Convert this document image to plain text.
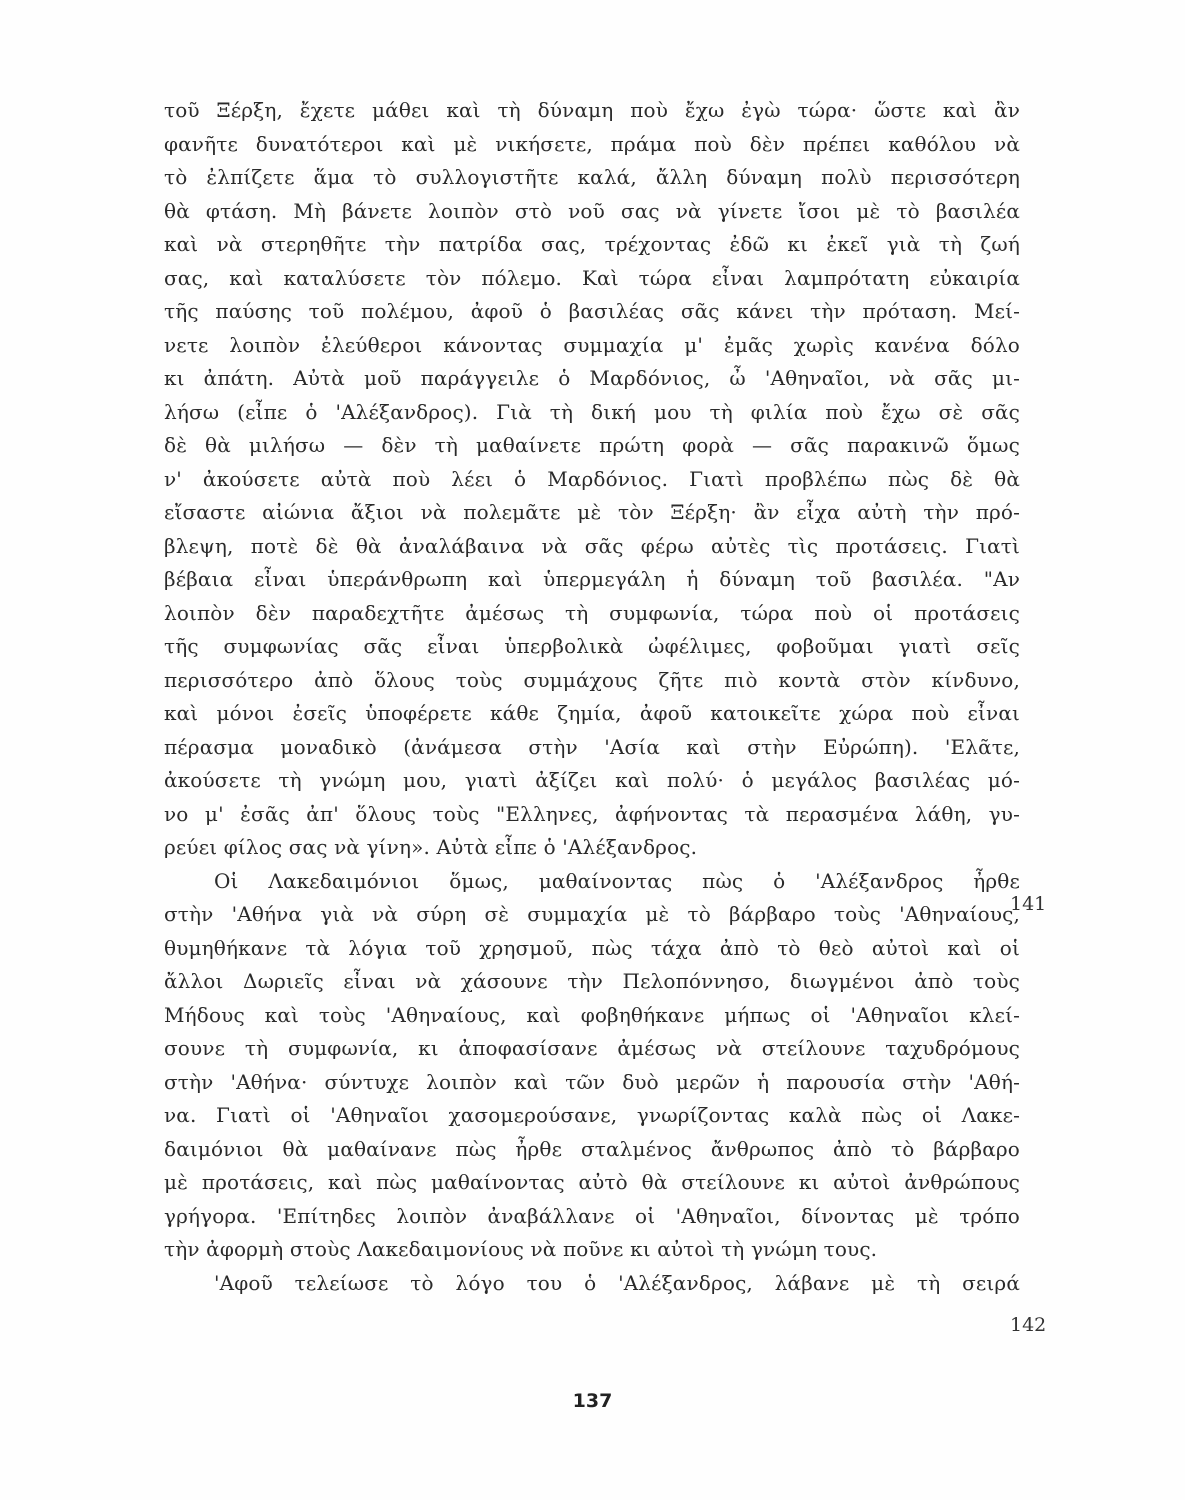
τοῦ Ξέρξη, ἔχετε μάθει καὶ τὴ δύναμη ποὺ ἔχω ἐγὼ τώρα· ὥστε καὶ ἂν
φανῆτε δυνατότεροι καὶ μὲ νικήσετε, πράμα ποὺ δὲν πρέπει καθόλου νὰ
τὸ ἐλπίζετε ἅμα τὸ συλλογιστῆτε καλά, ἄλλη δύναμη πολὺ περισσότερη
θὰ φτάση. Μὴ βάνετε λοιπὸν στὸ νοῦ σας νὰ γίνετε ἴσοι μὲ τὸ βασιλέα
καὶ νὰ στερηθῆτε τὴν πατρίδα σας, τρέχοντας ἐδῶ κι ἐκεῖ γιὰ τὴ ζωή
σας, καὶ καταλύσετε τὸν πόλεμο. Καὶ τώρα εἶναι λαμπρότατη εὐκαιρία
τῆς παύσης τοῦ πολέμου, ἀφοῦ ὁ βασιλέας σᾶς κάνει τὴν πρόταση. Μεί-
νετε λοιπὸν ἐλεύθεροι κάνοντας συμμαχία μ' ἐμᾶς χωρὶς κανένα δόλο
κι ἀπάτη. Αὐτὰ μοῦ παράγγειλε ὁ Μαρδόνιος, ὦ 'Αθηναῖοι, νὰ σᾶς μι-
λήσω (εἶπε ὁ 'Αλέξανδρος). Γιὰ τὴ δική μου τὴ φιλία ποὺ ἔχω σὲ σᾶς
δὲ θὰ μιλήσω — δὲν τὴ μαθαίνετε πρώτη φορὰ — σᾶς παρακινῶ ὅμως
ν' ἀκούσετε αὐτὰ ποὺ λέει ὁ Μαρδόνιος. Γιατὶ προβλέπω πὼς δὲ θὰ
εἴσαστε αἰώνια ἄξιοι νὰ πολεμᾶτε μὲ τὸν Ξέρξη· ἂν εἶχα αὐτὴ τὴν πρό-
βλεψη, ποτὲ δὲ θὰ ἀναλάβαινα νὰ σᾶς φέρω αὐτὲς τὶς προτάσεις. Γιατὶ
βέβαια εἶναι ὑπεράνθρωπη καὶ ὑπερμεγάλη ἡ δύναμη τοῦ βασιλέα. "Αν
λοιπὸν δὲν παραδεχτῆτε ἀμέσως τὴ συμφωνία, τώρα ποὺ οἱ προτάσεις
τῆς συμφωνίας σᾶς εἶναι ὑπερβολικὰ ὠφέλιμες, φοβοῦμαι γιατὶ σεῖς
περισσότερο ἀπὸ ὅλους τοὺς συμμάχους ζῆτε πιὸ κοντὰ στὸν κίνδυνο,
καὶ μόνοι ἐσεῖς ὑποφέρετε κάθε ζημία, ἀφοῦ κατοικεῖτε χώρα ποὺ εἶναι
πέρασμα μοναδικὸ (ἀνάμεσα στὴν 'Ασία καὶ στὴν Εὐρώπη). 'Ελᾶτε,
ἀκούσετε τὴ γνώμη μου, γιατὶ ἀξίζει καὶ πολύ· ὁ μεγάλος βασιλέας μό-
νο μ' ἐσᾶς ἀπ' ὅλους τοὺς "Ελληνες, ἀφήνοντας τὰ περασμένα λάθη, γυ-
ρεύει φίλος σας νὰ γίνη». Αὐτὰ εἶπε ὁ 'Αλέξανδρος.
Οἱ Λακεδαιμόνιοι ὅμως, μαθαίνοντας πὼς ὁ 'Αλέξανδρος ἦρθε
στὴν 'Αθήνα γιὰ νὰ σύρη σὲ συμμαχία μὲ τὸ βάρβαρο τοὺς 'Αθηναίους,
θυμηθήκανε τὰ λόγια τοῦ χρησμοῦ, πὼς τάχα ἀπὸ τὸ θεὸ αὐτοὶ καὶ οἱ
ἄλλοι Δωριεῖς εἶναι νὰ χάσουνε τὴν Πελοπόννησο, διωγμένοι ἀπὸ τοὺς
Μήδους καὶ τοὺς 'Αθηναίους, καὶ φοβηθήκανε μήπως οἱ 'Αθηναῖοι κλεί-
σουνε τὴ συμφωνία, κι ἀποφασίσανε ἀμέσως νὰ στείλουνε ταχυδρόμους
στὴν 'Αθήνα· σύντυχε λοιπὸν καὶ τῶν δυὸ μερῶν ἡ παρουσία στὴν 'Αθή-
να. Γιατὶ οἱ 'Αθηναῖοι χασομερούσανε, γνωρίζοντας καλὰ πὼς οἱ Λακε-
δαιμόνιοι θὰ μαθαίνανε πὼς ἦρθε σταλμένος ἄνθρωπος ἀπὸ τὸ βάρβαρο
μὲ προτάσεις, καὶ πὼς μαθαίνοντας αὐτὸ θὰ στείλουνε κι αὐτοὶ ἀνθρώπους
γρήγορα. 'Επίτηδες λοιπὸν ἀναβάλλανε οἱ 'Αθηναῖοι, δίνοντας μὲ τρόπο
τὴν ἀφορμὴ στοὺς Λακεδαιμονίους νὰ ποῦνε κι αὐτοὶ τὴ γνώμη τους.
'Αφοῦ τελείωσε τὸ λόγο του ὁ 'Αλέξανδρος, λάβανε μὲ τὴ σειρά
141
142
137
